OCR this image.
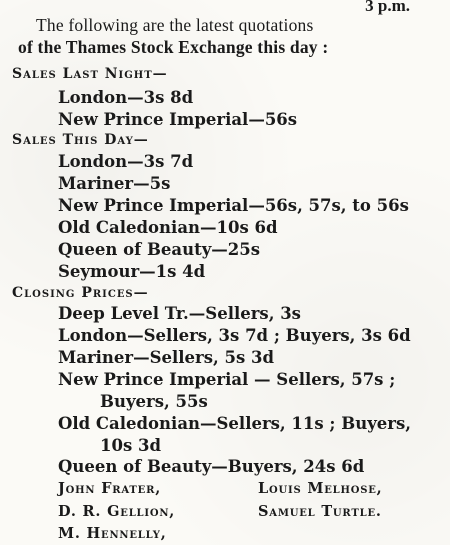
3 p.m.
The following are the latest quotations
of the Thames Stock Exchange this day :
Sales Last Night—
London—3s 8d
New Prince Imperial—56s
Sales This Day—
London—3s 7d
Mariner—5s
New Prince Imperial—56s, 57s, to 56s
Old Caledonian—10s 6d
Queen of Beauty—25s
Seymour—1s 4d
Closing Prices—
Deep Level Tr.—Sellers, 3s
London—Sellers, 3s 7d ; Buyers, 3s 6d
Mariner—Sellers, 5s 3d
New Prince Imperial — Sellers, 57s ;
Buyers, 55s
Old Caledonian—Sellers, 11s ; Buyers,
10s 3d
Queen of Beauty—Buyers, 24s 6d
John Frater,	Louis Melhose,
D. R. Gellion,	Samuel Turtle.
M. Hennelly,
